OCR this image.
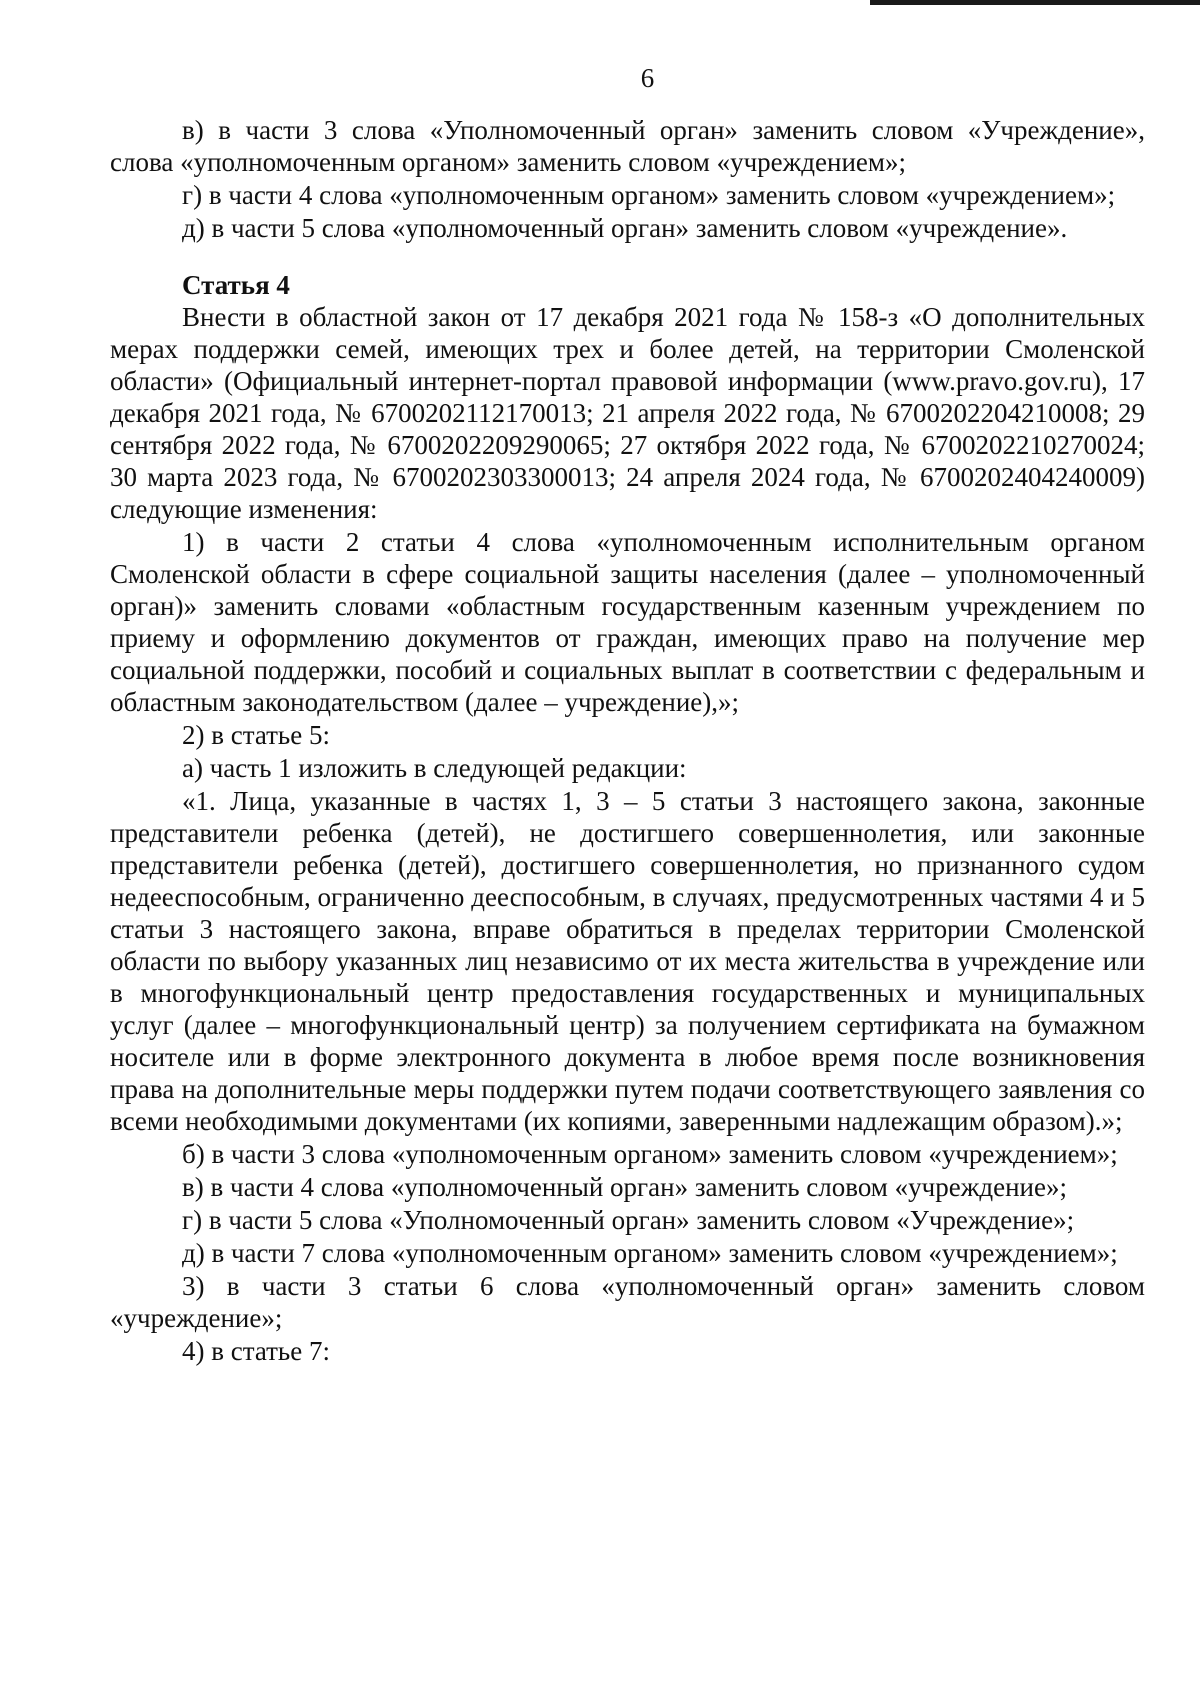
6

в) в части 3 слова «Уполномоченный орган» заменить словом «Учреждение», слова «уполномоченным органом» заменить словом «учреждением»;

г) в части 4 слова «уполномоченным органом» заменить словом «учреждением»;

д) в части 5 слова «уполномоченный орган» заменить словом «учреждение».

Статья 4

Внести в областной закон от 17 декабря 2021 года № 158-з «О дополнительных мерах поддержки семей, имеющих трех и более детей, на территории Смоленской области» (Официальный интернет-портал правовой информации (www.pravo.gov.ru), 17 декабря 2021 года, № 6700202112170013; 21 апреля 2022 года, № 6700202204210008; 29 сентября 2022 года, № 6700202209290065; 27 октября 2022 года, № 6700202210270024; 30 марта 2023 года, № 6700202303300013; 24 апреля 2024 года, № 6700202404240009) следующие изменения:

1) в части 2 статьи 4 слова «уполномоченным исполнительным органом Смоленской области в сфере социальной защиты населения (далее – уполномоченный орган)» заменить словами «областным государственным казенным учреждением по приему и оформлению документов от граждан, имеющих право на получение мер социальной поддержки, пособий и социальных выплат в соответствии с федеральным и областным законодательством (далее – учреждение),»;

2) в статье 5:

а) часть 1 изложить в следующей редакции:

«1. Лица, указанные в частях 1, 3 – 5 статьи 3 настоящего закона, законные представители ребенка (детей), не достигшего совершеннолетия, или законные представители ребенка (детей), достигшего совершеннолетия, но признанного судом недееспособным, ограниченно дееспособным, в случаях, предусмотренных частями 4 и 5 статьи 3 настоящего закона, вправе обратиться в пределах территории Смоленской области по выбору указанных лиц независимо от их места жительства в учреждение или в многофункциональный центр предоставления государственных и муниципальных услуг (далее – многофункциональный центр) за получением сертификата на бумажном носителе или в форме электронного документа в любое время после возникновения права на дополнительные меры поддержки путем подачи соответствующего заявления со всеми необходимыми документами (их копиями, заверенными надлежащим образом).»;

б) в части 3 слова «уполномоченным органом» заменить словом «учреждением»;

в) в части 4 слова «уполномоченный орган» заменить словом «учреждение»;

г) в части 5 слова «Уполномоченный орган» заменить словом «Учреждение»;

д) в части 7 слова «уполномоченным органом» заменить словом «учреждением»;

3) в части 3 статьи 6 слова «уполномоченный орган» заменить словом «учреждение»;

4) в статье 7:
